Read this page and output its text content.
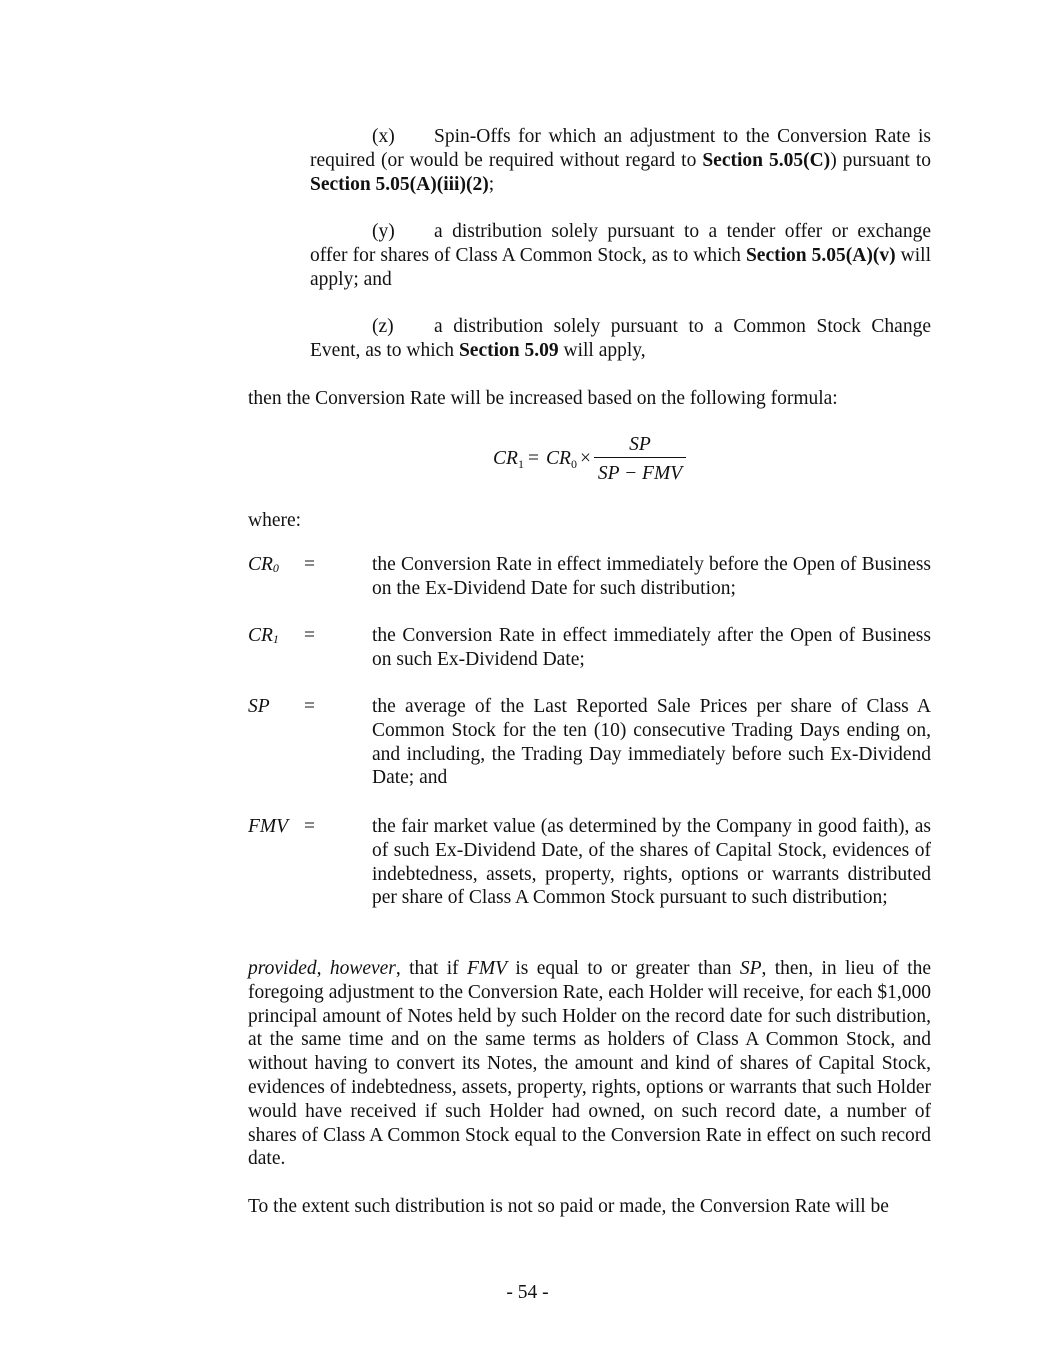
(x) Spin-Offs for which an adjustment to the Conversion Rate is required (or would be required without regard to Section 5.05(C)) pursuant to Section 5.05(A)(iii)(2);

(y) a distribution solely pursuant to a tender offer or exchange offer for shares of Class A Common Stock, as to which Section 5.05(A)(v) will apply; and

(z) a distribution solely pursuant to a Common Stock Change Event, as to which Section 5.09 will apply,

then the Conversion Rate will be increased based on the following formula:

CR 1 = CR 0 ×
SP
SP − FMV

where:

$CR_0$ =	the Conversion Rate in effect immediately before the Open of Business on the Ex-Dividend Date for such distribution;

$CR_1$ =	the Conversion Rate in effect immediately after the Open of Business on such Ex-Dividend Date;

SP =	the average of the Last Reported Sale Prices per share of Class A Common Stock for the ten (10) consecutive Trading Days ending on, and including, the Trading Day immediately before such Ex-Dividend Date; and

FMV =	the fair market value (as determined by the Company in good faith), as of such Ex-Dividend Date, of the shares of Capital Stock, evidences of indebtedness, assets, property, rights, options or warrants distributed per share of Class A Common Stock pursuant to such distribution;

provided, however, that if FMV is equal to or greater than SP, then, in lieu of the foregoing adjustment to the Conversion Rate, each Holder will receive, for each $1,000 principal amount of Notes held by such Holder on the record date for such distribution, at the same time and on the same terms as holders of Class A Common Stock, and without having to convert its Notes, the amount and kind of shares of Capital Stock, evidences of indebtedness, assets, property, rights, options or warrants that such Holder would have received if such Holder had owned, on such record date, a number of shares of Class A Common Stock equal to the Conversion Rate in effect on such record date.

To the extent such distribution is not so paid or made, the Conversion Rate will be

- 54 -
